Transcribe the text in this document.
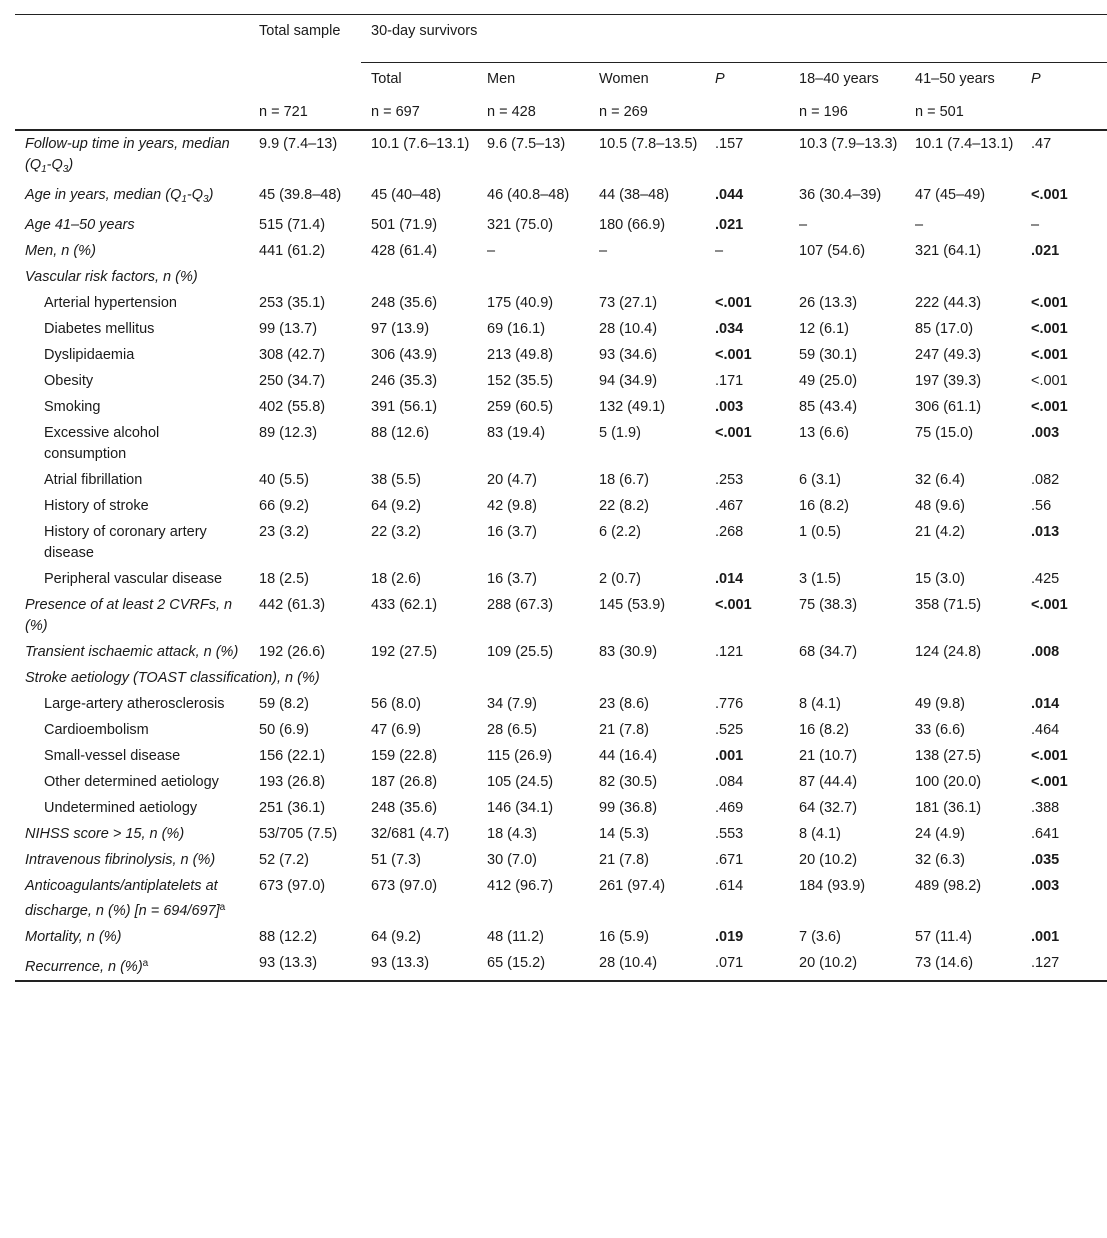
	Total sample	30-day survivors						
		Total	Men	Women	P	18–40 years	41–50 years	P
	n = 721	n = 697	n = 428	n = 269		n = 196	n = 501	
Follow-up time in years, median $(Q_1-Q_3)$	9.9 (7.4–13)	10.1 (7.6–13.1)	9.6 (7.5–13)	10.5 (7.8–13.5)	.157	10.3 (7.9–13.3)	10.1 (7.4–13.1)	.47
Age in years, median $(Q_1-Q_3)$	45 (39.8–48)	45 (40–48)	46 (40.8–48)	44 (38–48)	.044	36 (30.4–39)	47 (45–49)	<.001
Age 41–50 years	515 (71.4)	501 (71.9)	321 (75.0)	180 (66.9)	.021	–	–	–
Men, n (%)	441 (61.2)	428 (61.4)	–	–	–	107 (54.6)	321 (64.1)	.021
Vascular risk factors, n (%)								
Arterial hypertension	253 (35.1)	248 (35.6)	175 (40.9)	73 (27.1)	<.001	26 (13.3)	222 (44.3)	<.001
Diabetes mellitus	99 (13.7)	97 (13.9)	69 (16.1)	28 (10.4)	.034	12 (6.1)	85 (17.0)	<.001
Dyslipidaemia	308 (42.7)	306 (43.9)	213 (49.8)	93 (34.6)	<.001	59 (30.1)	247 (49.3)	<.001
Obesity	250 (34.7)	246 (35.3)	152 (35.5)	94 (34.9)	.171	49 (25.0)	197 (39.3)	<.001
Smoking	402 (55.8)	391 (56.1)	259 (60.5)	132 (49.1)	.003	85 (43.4)	306 (61.1)	<.001
Excessive alcohol consumption	89 (12.3)	88 (12.6)	83 (19.4)	5 (1.9)	<.001	13 (6.6)	75 (15.0)	.003
Atrial fibrillation	40 (5.5)	38 (5.5)	20 (4.7)	18 (6.7)	.253	6 (3.1)	32 (6.4)	.082
History of stroke	66 (9.2)	64 (9.2)	42 (9.8)	22 (8.2)	.467	16 (8.2)	48 (9.6)	.56
History of coronary artery disease	23 (3.2)	22 (3.2)	16 (3.7)	6 (2.2)	.268	1 (0.5)	21 (4.2)	.013
Peripheral vascular disease	18 (2.5)	18 (2.6)	16 (3.7)	2 (0.7)	.014	3 (1.5)	15 (3.0)	.425
Presence of at least 2 CVRFs, n (%)	442 (61.3)	433 (62.1)	288 (67.3)	145 (53.9)	<.001	75 (38.3)	358 (71.5)	<.001
Transient ischaemic attack, n (%)	192 (26.6)	192 (27.5)	109 (25.5)	83 (30.9)	.121	68 (34.7)	124 (24.8)	.008
Stroke aetiology (TOAST classification), n (%)								
Large-artery atherosclerosis	59 (8.2)	56 (8.0)	34 (7.9)	23 (8.6)	.776	8 (4.1)	49 (9.8)	.014
Cardioembolism	50 (6.9)	47 (6.9)	28 (6.5)	21 (7.8)	.525	16 (8.2)	33 (6.6)	.464
Small-vessel disease	156 (22.1)	159 (22.8)	115 (26.9)	44 (16.4)	.001	21 (10.7)	138 (27.5)	<.001
Other determined aetiology	193 (26.8)	187 (26.8)	105 (24.5)	82 (30.5)	.084	87 (44.4)	100 (20.0)	<.001
Undetermined aetiology	251 (36.1)	248 (35.6)	146 (34.1)	99 (36.8)	.469	64 (32.7)	181 (36.1)	.388
NIHSS score > 15, n (%)	53/705 (7.5)	32/681 (4.7)	18 (4.3)	14 (5.3)	.553	8 (4.1)	24 (4.9)	.641
Intravenous fibrinolysis, n (%)	52 (7.2)	51 (7.3)	30 (7.0)	21 (7.8)	.671	20 (10.2)	32 (6.3)	.035
Anticoagulants/antiplatelets at discharge, n (%) [n = 694/697]$^a$	673 (97.0)	673 (97.0)	412 (96.7)	261 (97.4)	.614	184 (93.9)	489 (98.2)	.003
Mortality, n (%)	88 (12.2)	64 (9.2)	48 (11.2)	16 (5.9)	.019	7 (3.6)	57 (11.4)	.001
Recurrence, n (%)$^a$	93 (13.3)	93 (13.3)	65 (15.2)	28 (10.4)	.071	20 (10.2)	73 (14.6)	.127
